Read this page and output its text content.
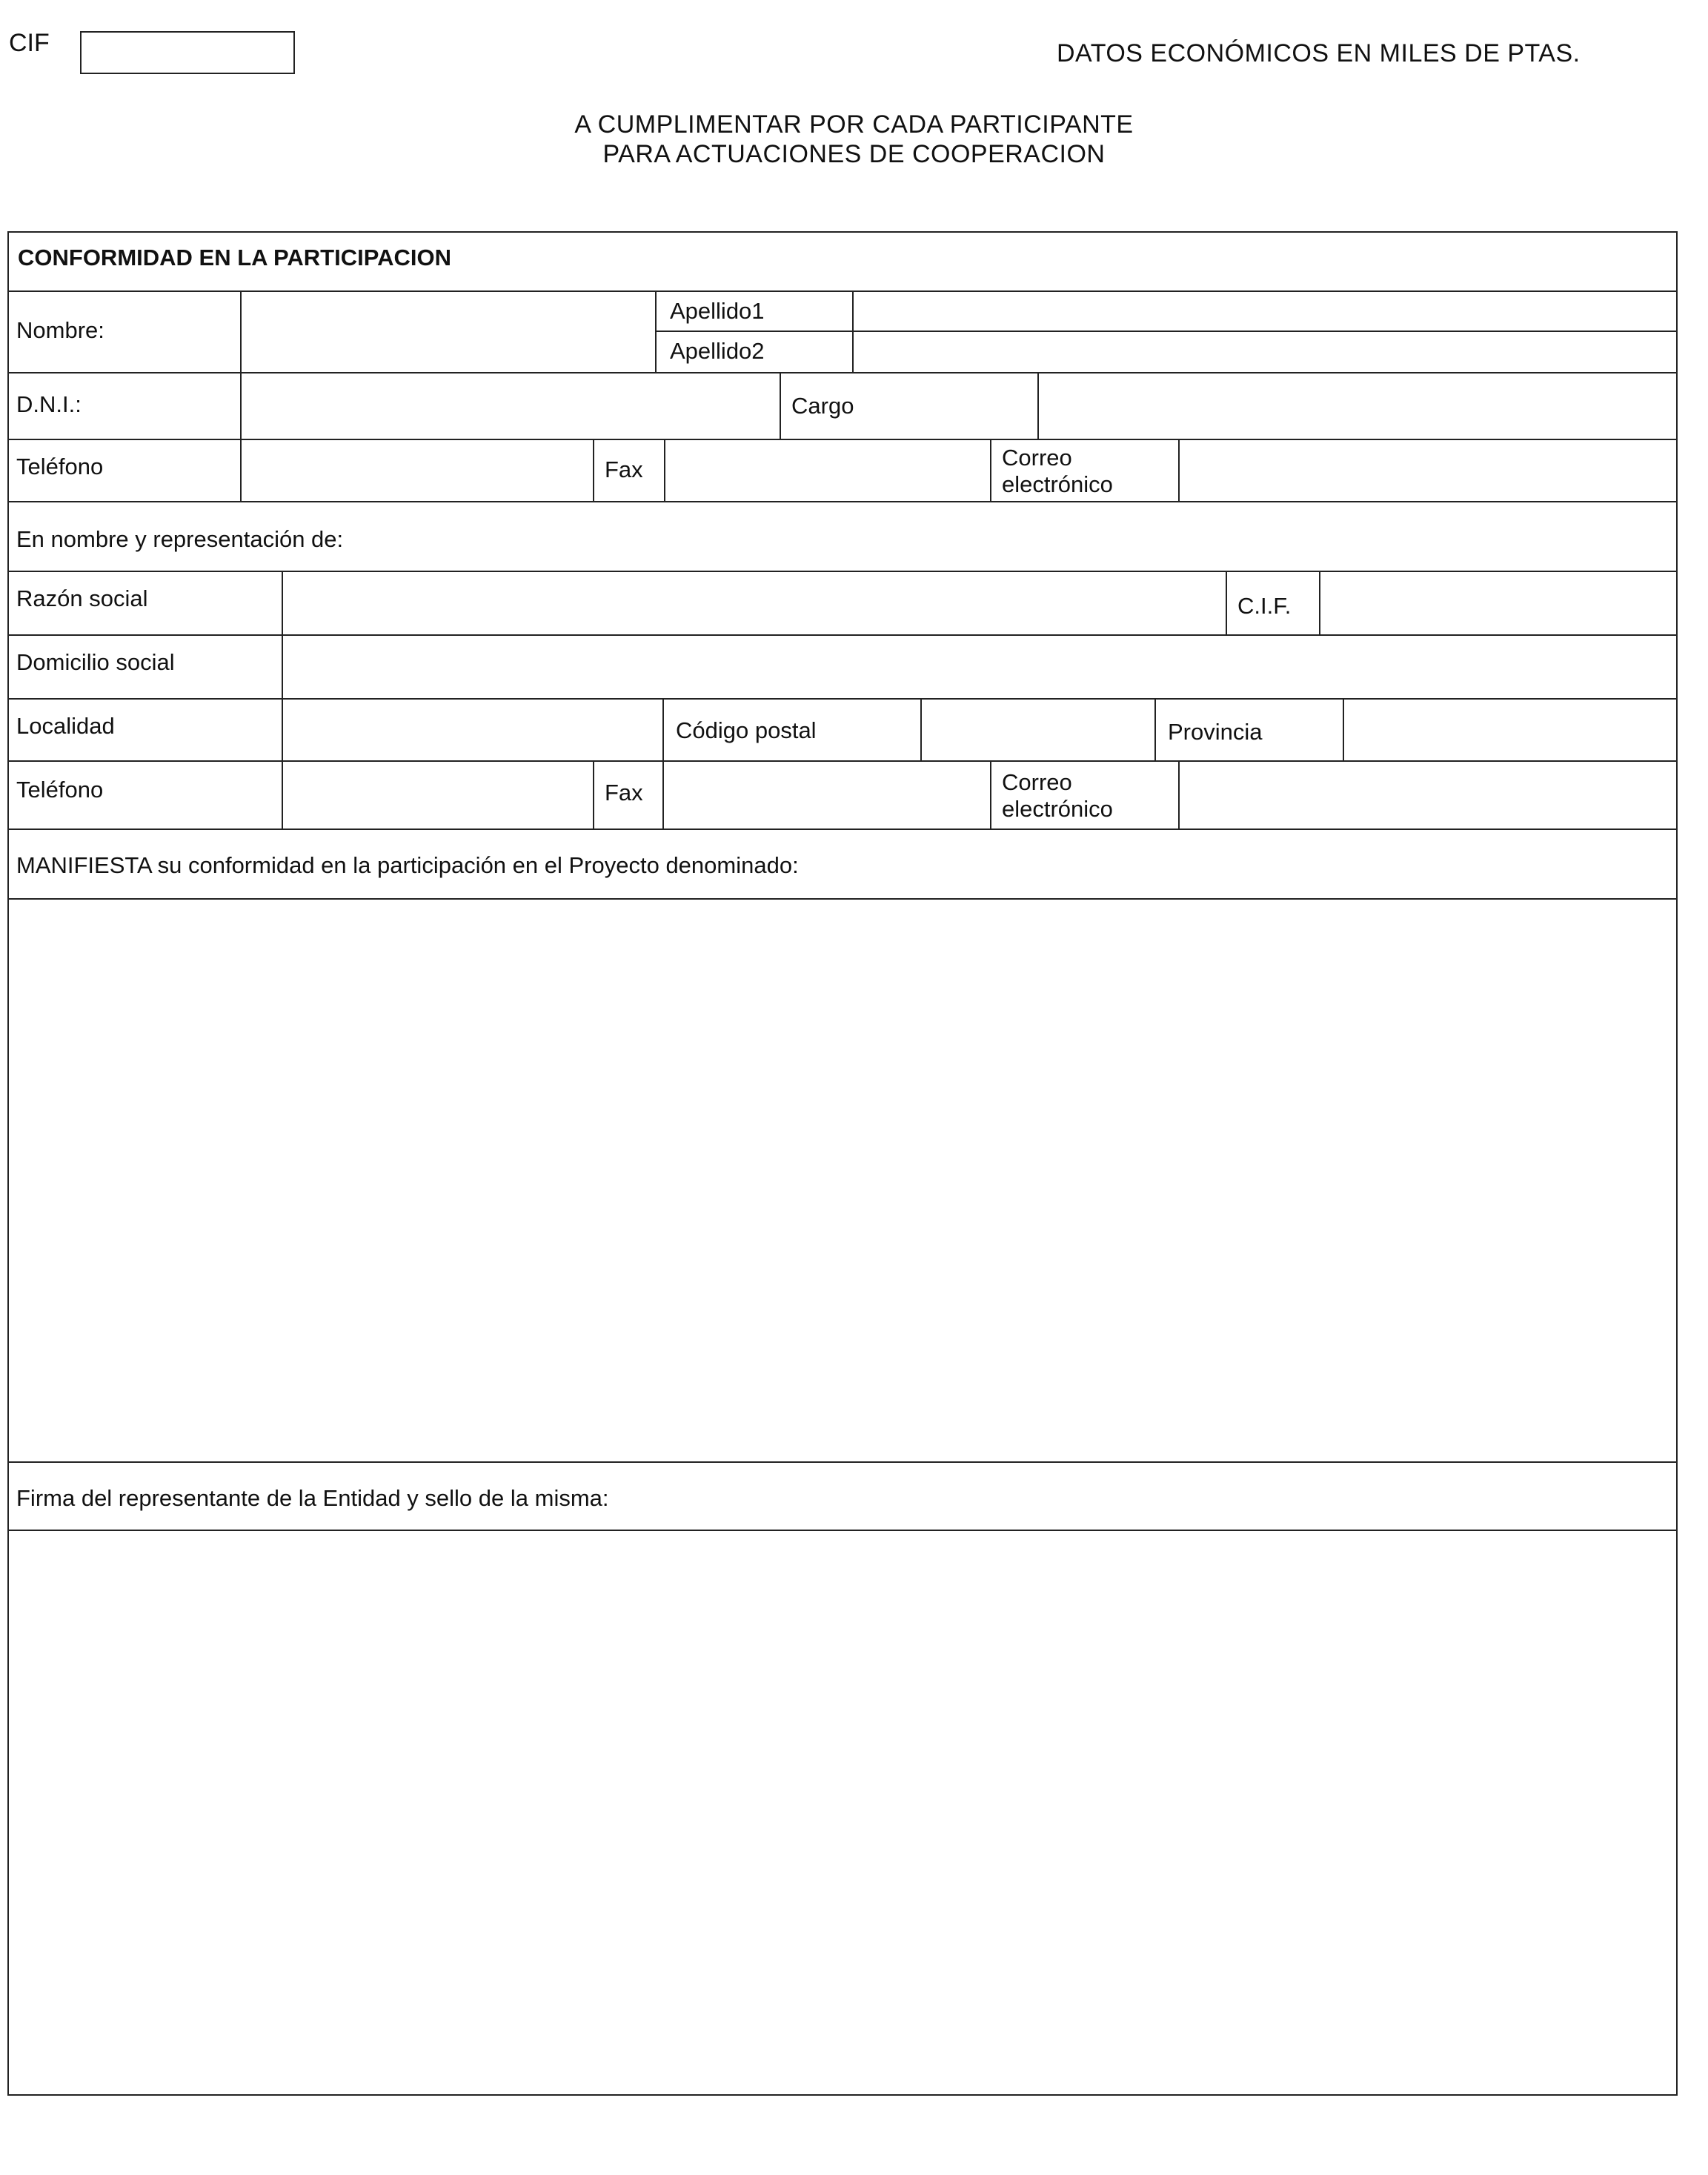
CIF	DATOS ECONÓMICOS EN MILES DE PTAS.
A CUMPLIMENTAR POR CADA PARTICIPANTE
PARA ACTUACIONES DE COOPERACION
CONFORMIDAD EN LA PARTICIPACION
Nombre:
Apellido1
Apellido2
D.N.I.:	Cargo
Teléfono	Fax	Correo
electrónico
En nombre y representación de:
Razón social	C.I.F.
Domicilio social
Localidad	Código postal	Provincia
Teléfono	Fax	Correo
electrónico
MANIFIESTA su conformidad en la participación en el Proyecto denominado:
Firma del representante de la Entidad y sello de la misma:
